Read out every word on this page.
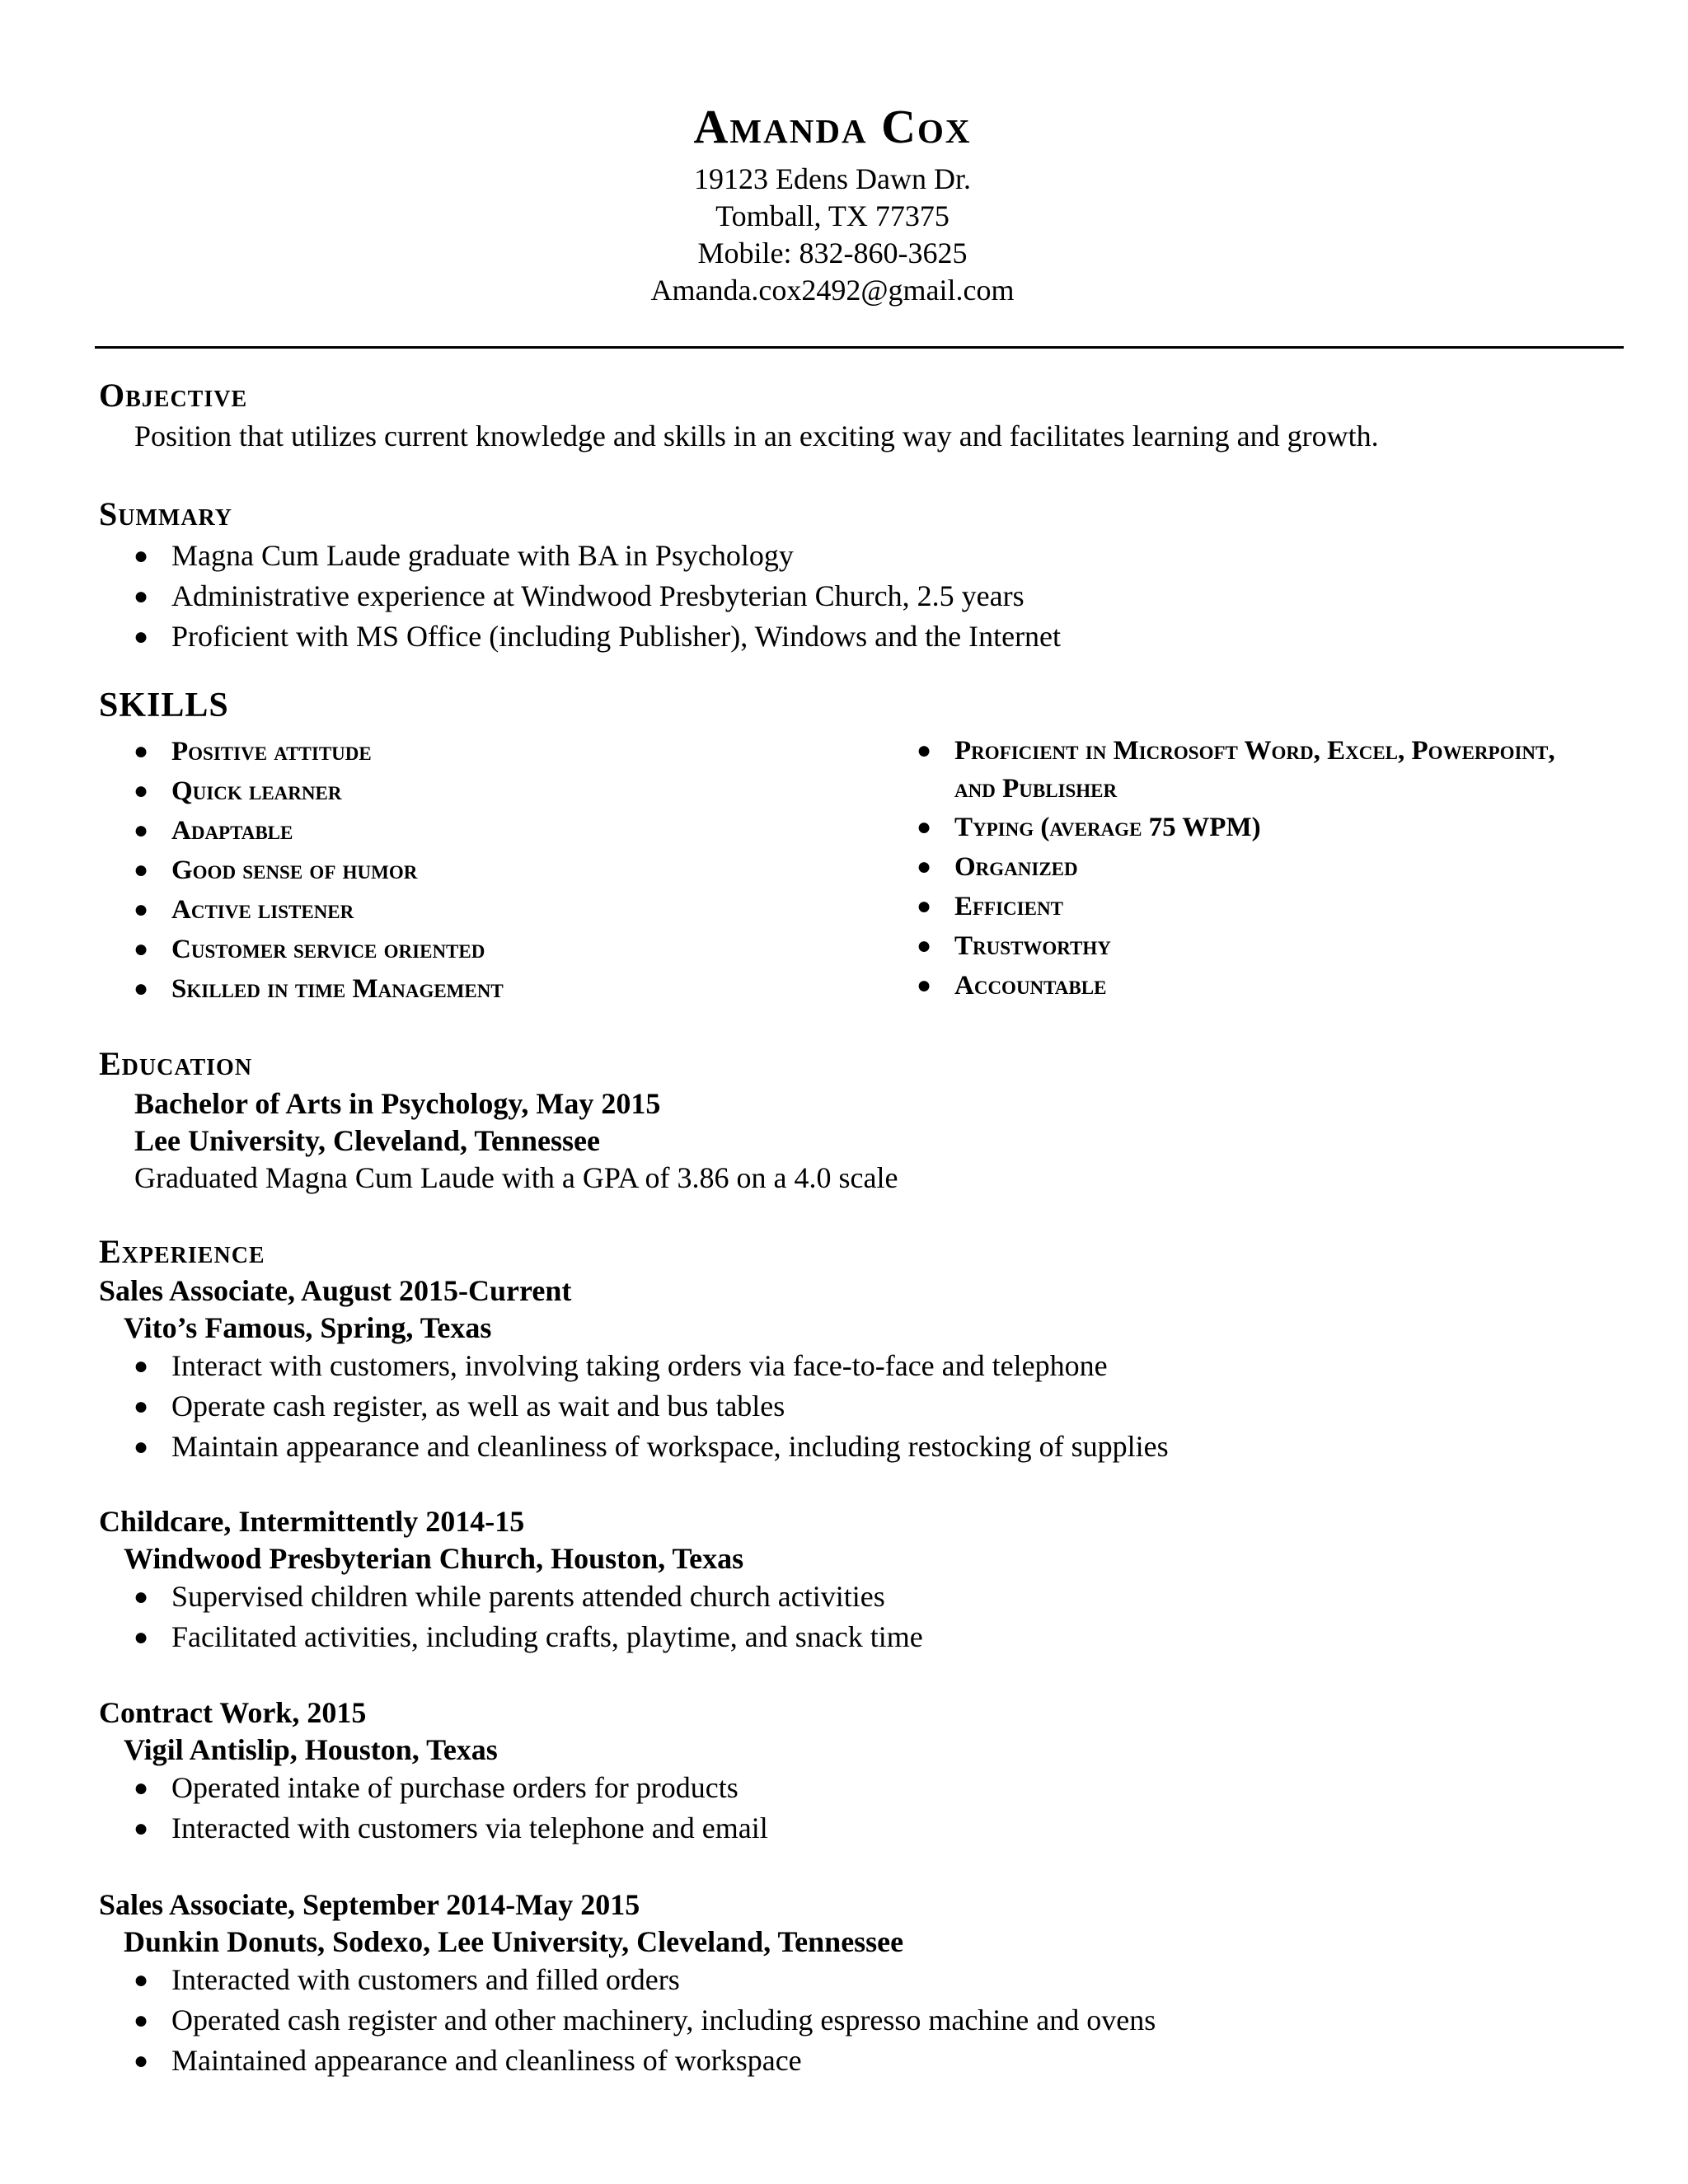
Amanda Cox
19123 Edens Dawn Dr.
Tomball, TX 77375
Mobile: 832-860-3625
Amanda.cox2492@gmail.com
Objective
Position that utilizes current knowledge and skills in an exciting way and facilitates learning and growth.
Summary
● Magna Cum Laude graduate with BA in Psychology
● Administrative experience at Windwood Presbyterian Church, 2.5 years
● Proficient with MS Office (including Publisher), Windows and the Internet
SKILLS
● Positive attitude
● Quick learner
● Adaptable
● Good sense of humor
● Active listener
● Customer service oriented
● Skilled in time Management
● Proficient in Microsoft Word, Excel, Powerpoint, and Publisher
● Typing (average 75 WPM)
● Organized
● Efficient
● Trustworthy
● Accountable
Education
Bachelor of Arts in Psychology, May 2015
Lee University, Cleveland, Tennessee
Graduated Magna Cum Laude with a GPA of 3.86 on a 4.0 scale
Experience
Sales Associate, August 2015-Current
Vito’s Famous, Spring, Texas
● Interact with customers, involving taking orders via face-to-face and telephone
● Operate cash register, as well as wait and bus tables
● Maintain appearance and cleanliness of workspace, including restocking of supplies
Childcare, Intermittently 2014-15
Windwood Presbyterian Church, Houston, Texas
● Supervised children while parents attended church activities
● Facilitated activities, including crafts, playtime, and snack time
Contract Work, 2015
Vigil Antislip, Houston, Texas
● Operated intake of purchase orders for products
● Interacted with customers via telephone and email
Sales Associate, September 2014-May 2015
Dunkin Donuts, Sodexo, Lee University, Cleveland, Tennessee
● Interacted with customers and filled orders
● Operated cash register and other machinery, including espresso machine and ovens
● Maintained appearance and cleanliness of workspace
